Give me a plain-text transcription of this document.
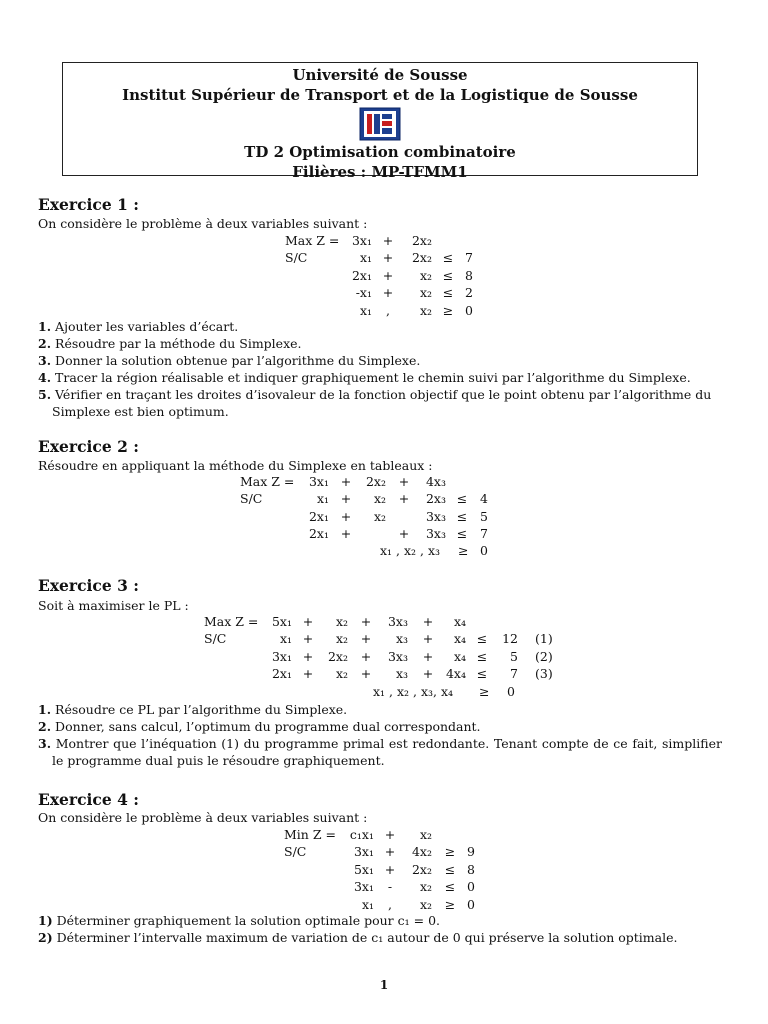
Université de Sousse
Institut Supérieur de Transport et de la Logistique de Sousse
TD 2 Optimisation combinatoire
Filières : MP-TFMM1
Exercice 1 :
On considère le problème à deux variables suivant :
Max Z = 3x₁ +	2x₂
S/C	x₁ +	2x₂ ≤ 7
2x₁ +	x₂ ≤ 8
-x₁ +	x₂ ≤ 2
x₁	,	x₂ ≥ 0
1. Ajouter les variables d’écart.
2. Résoudre par la méthode du Simplexe.
3. Donner la solution obtenue par l’algorithme du Simplexe.
4. Tracer la région réalisable et indiquer graphiquement le chemin suivi par l’algorithme du Simplexe.
5. Vérifier en traçant les droites d’isovaleur de la fonction objectif que le point obtenu par l’algorithme du Simplexe est bien optimum.
Exercice 2 :
Résoudre en appliquant la méthode du Simplexe en tableaux :
Max Z = 3x₁ +	2x₂	+	4x₃
S/C	x₁ +	x₂	+	2x₃ ≤	4
2x₁ +	x₂	3x₃ ≤	5
2x₁ +	+	3x₃ ≤	7
x₁ , x₂ , x₃ ≥ 0
Exercice 3 :
Soit à maximiser le PL :
Max Z = 5x₁ +	x₂	+	3x₃	+	x₄
S/C	x₁ +	x₂	+	x₃	+	x₄ ≤	12 (1)
3x₁ +	2x₂	+	3x₃	+	x₄ ≤	5 (2)
2x₁ +	x₂	+	x₃	+	4x₄ ≤	7 (3)
x₁ , x₂ , x₃, x₄ ≥ 0
1. Résoudre ce PL par l’algorithme du Simplexe.
2. Donner, sans calcul, l’optimum du programme dual correspondant.
3. Montrer que l’inéquation (1) du programme primal est redondante. Tenant compte de ce fait, simplifier le programme dual puis le résoudre graphiquement.
Exercice 4 :
On considère le problème à deux variables suivant :
Min Z = c₁x₁ +	x₂
S/C	3x₁ +	4x₂	≥ 9
5x₁ +	2x₂	≤ 8
3x₁	-	x₂	≤ 0
x₁	,	x₂	≥ 0
1) Déterminer graphiquement la solution optimale pour c₁ = 0.
2) Déterminer l’intervalle maximum de variation de c₁ autour de 0 qui préserve la solution optimale.
1
